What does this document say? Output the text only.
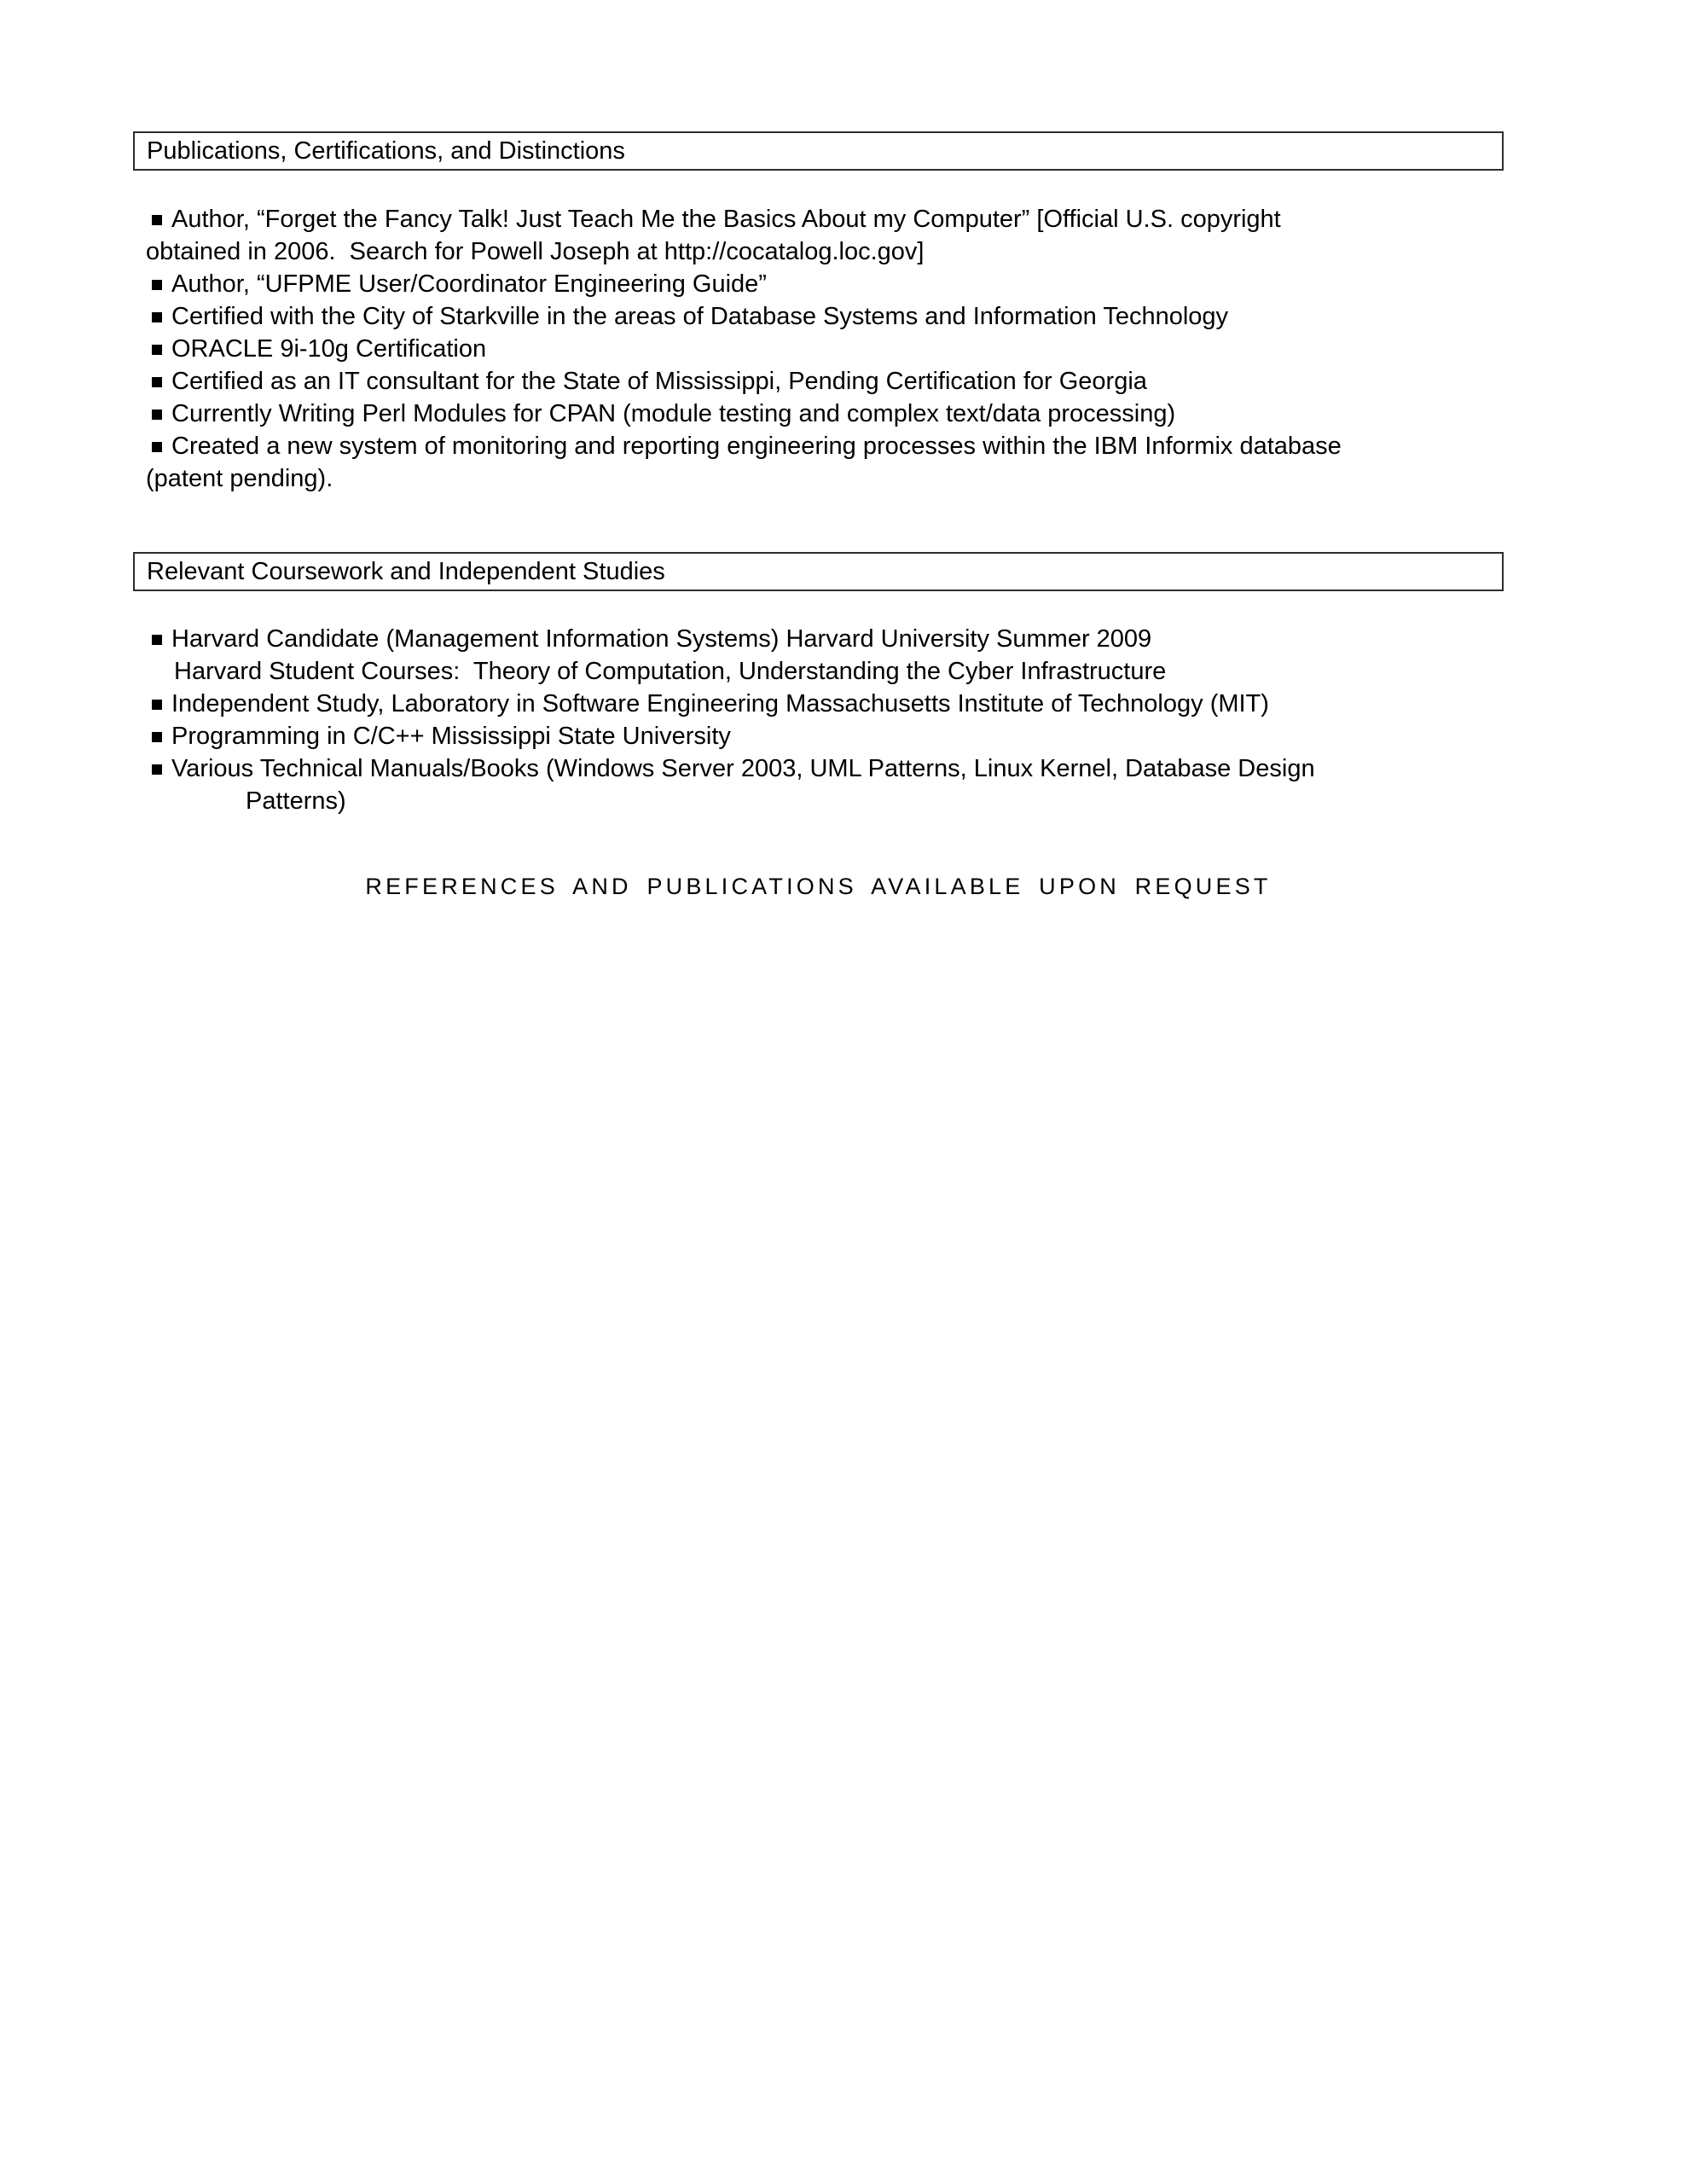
Publications, Certifications, and Distinctions
Author, “Forget the Fancy Talk! Just Teach Me the Basics About my Computer” [Official U.S. copyright
obtained in 2006.  Search for Powell Joseph at http://cocatalog.loc.gov]
Author, “UFPME User/Coordinator Engineering Guide”
Certified with the City of Starkville in the areas of Database Systems and Information Technology
ORACLE 9i-10g Certification
Certified as an IT consultant for the State of Mississippi, Pending Certification for Georgia
Currently Writing Perl Modules for CPAN (module testing and complex text/data processing)
Created a new system of monitoring and reporting engineering processes within the IBM Informix database
(patent pending).
Relevant Coursework and Independent Studies
Harvard Candidate (Management Information Systems) Harvard University Summer 2009
Harvard Student Courses:  Theory of Computation, Understanding the Cyber Infrastructure
Independent Study, Laboratory in Software Engineering Massachusetts Institute of Technology (MIT)
Programming in C/C++ Mississippi State University
Various Technical Manuals/Books (Windows Server 2003, UML Patterns, Linux Kernel, Database Design
Patterns)
REFERENCES AND PUBLICATIONS AVAILABLE UPON REQUEST
